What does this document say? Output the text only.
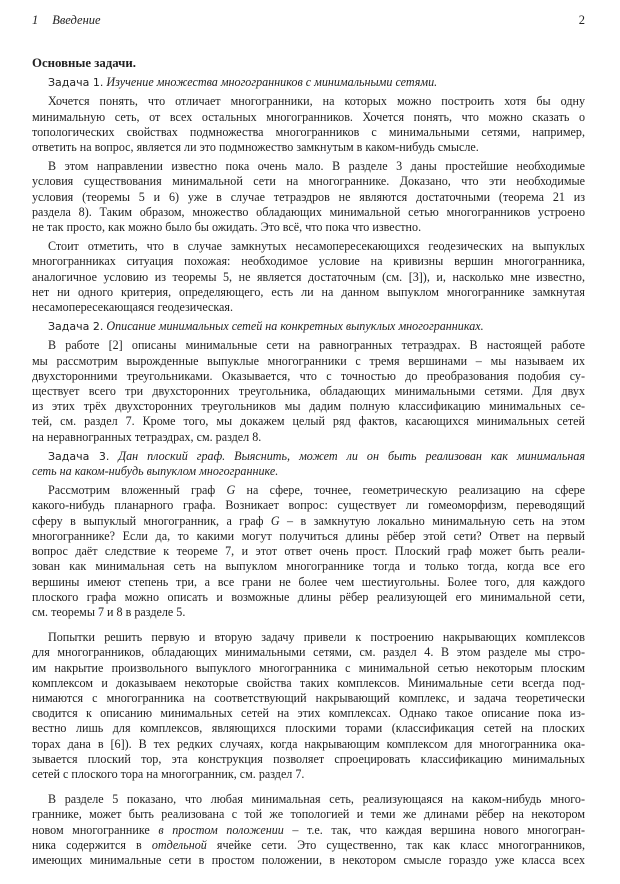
1 Введение	2
Основные задачи.
Задача 1. Изучение множества многогранников с минимальными сетями.
Хочется понять, что отличает многогранники, на которых можно построить хотя бы одну
минимальную сеть, от всех остальных многогранников. Хочется понять, что можно сказать о
топологических свойствах подмножества многогранников с минимальными сетями, например,
ответить на вопрос, является ли это подмножество замкнутым в каком-нибудь смысле.
В этом направлении известно пока очень мало. В разделе 3 даны простейшие необходимые
условия существования минимальной сети на многограннике. Доказано, что эти необходимые
условия (теоремы 5 и 6) уже в случае тетраэдров не являются достаточными (теорема 21 из
раздела 8). Таким образом, множество обладающих минимальной сетью многогранников устроено
не так просто, как можно было бы ожидать. Это всё, что пока что известно.
Стоит отметить, что в случае замкнутых несамопересекающихся геодезических на выпуклых
многогранниках ситуация похожая: необходимое условие на кривизны вершин многогранника,
аналогичное условию из теоремы 5, не является достаточным (см. [3]), и, насколько мне известно,
нет ни одного критерия, определяющего, есть ли на данном выпуклом многограннике замкнутая
несамопересекающаяся геодезическая.
Задача 2. Описание минимальных сетей на конкретных выпуклых многогранниках.
В работе [2] описаны минимальные сети на равногранных тетраэдрах. В настоящей работе
мы рассмотрим вырожденные выпуклые многогранники с тремя вершинами – мы называем их
двухсторонними треугольниками. Оказывается, что с точностью до преобразования подобия су-
ществует всего три двухсторонних треугольника, обладающих минимальными сетями. Для двух
из этих трёх двухсторонних треугольников мы дадим полную классификацию минимальных се-
тей, см. раздел 7. Кроме того, мы докажем целый ряд фактов, касающихся минимальных сетей
на неравногранных тетраэдрах, см. раздел 8.
Задача 3. Дан плоский граф. Выяснить, может ли он быть реализован как минимальная
сеть на каком-нибудь выпуклом многограннике.
Рассмотрим вложенный граф G на сфере, точнее, геометрическую реализацию на сфере
какого-нибудь планарного графа. Возникает вопрос: существует ли гомеоморфизм, переводящий
сферу в выпуклый многогранник, а граф G – в замкнутую локально минимальную сеть на этом
многограннике? Если да, то какими могут получиться длины рёбер этой сети? Ответ на первый
вопрос даёт следствие к теореме 7, и этот ответ очень прост. Плоский граф может быть реали-
зован как минимальная сеть на выпуклом многограннике тогда и только тогда, когда все его
вершины имеют степень три, а все грани не более чем шестиугольны. Более того, для каждого
плоского графа можно описать и возможные длины рёбер реализующей его минимальной сети,
см. теоремы 7 и 8 в разделе 5.
Попытки решить первую и вторую задачу привели к построению накрывающих комплексов
для многогранников, обладающих минимальными сетями, см. раздел 4. В этом разделе мы стро-
им накрытие произвольного выпуклого многогранника с минимальной сетью некоторым плоским
комплексом и доказываем некоторые свойства таких комплексов. Минимальные сети всегда под-
нимаются с многогранника на соответствующий накрывающий комплекс, и задача теоретически
сводится к описанию минимальных сетей на этих комплексах. Однако такое описание пока из-
вестно лишь для комплексов, являющихся плоскими торами (классификация сетей на плоских
торах дана в [6]). В тех редких случаях, когда накрывающим комплексом для многогранника ока-
зывается плоский тор, эта конструкция позволяет спроецировать классификацию минимальных
сетей с плоского тора на многогранник, см. раздел 7.
В разделе 5 показано, что любая минимальная сеть, реализующаяся на каком-нибудь много-
граннике, может быть реализована с той же топологией и теми же длинами рёбер на некотором
новом многограннике в простом положении – т.е. так, что каждая вершина нового многогран-
ника содержится в отдельной ячейке сети. Это существенно, так как класс многогранников,
имеющих минимальные сети в простом положении, в некотором смысле гораздо уже класса всех
